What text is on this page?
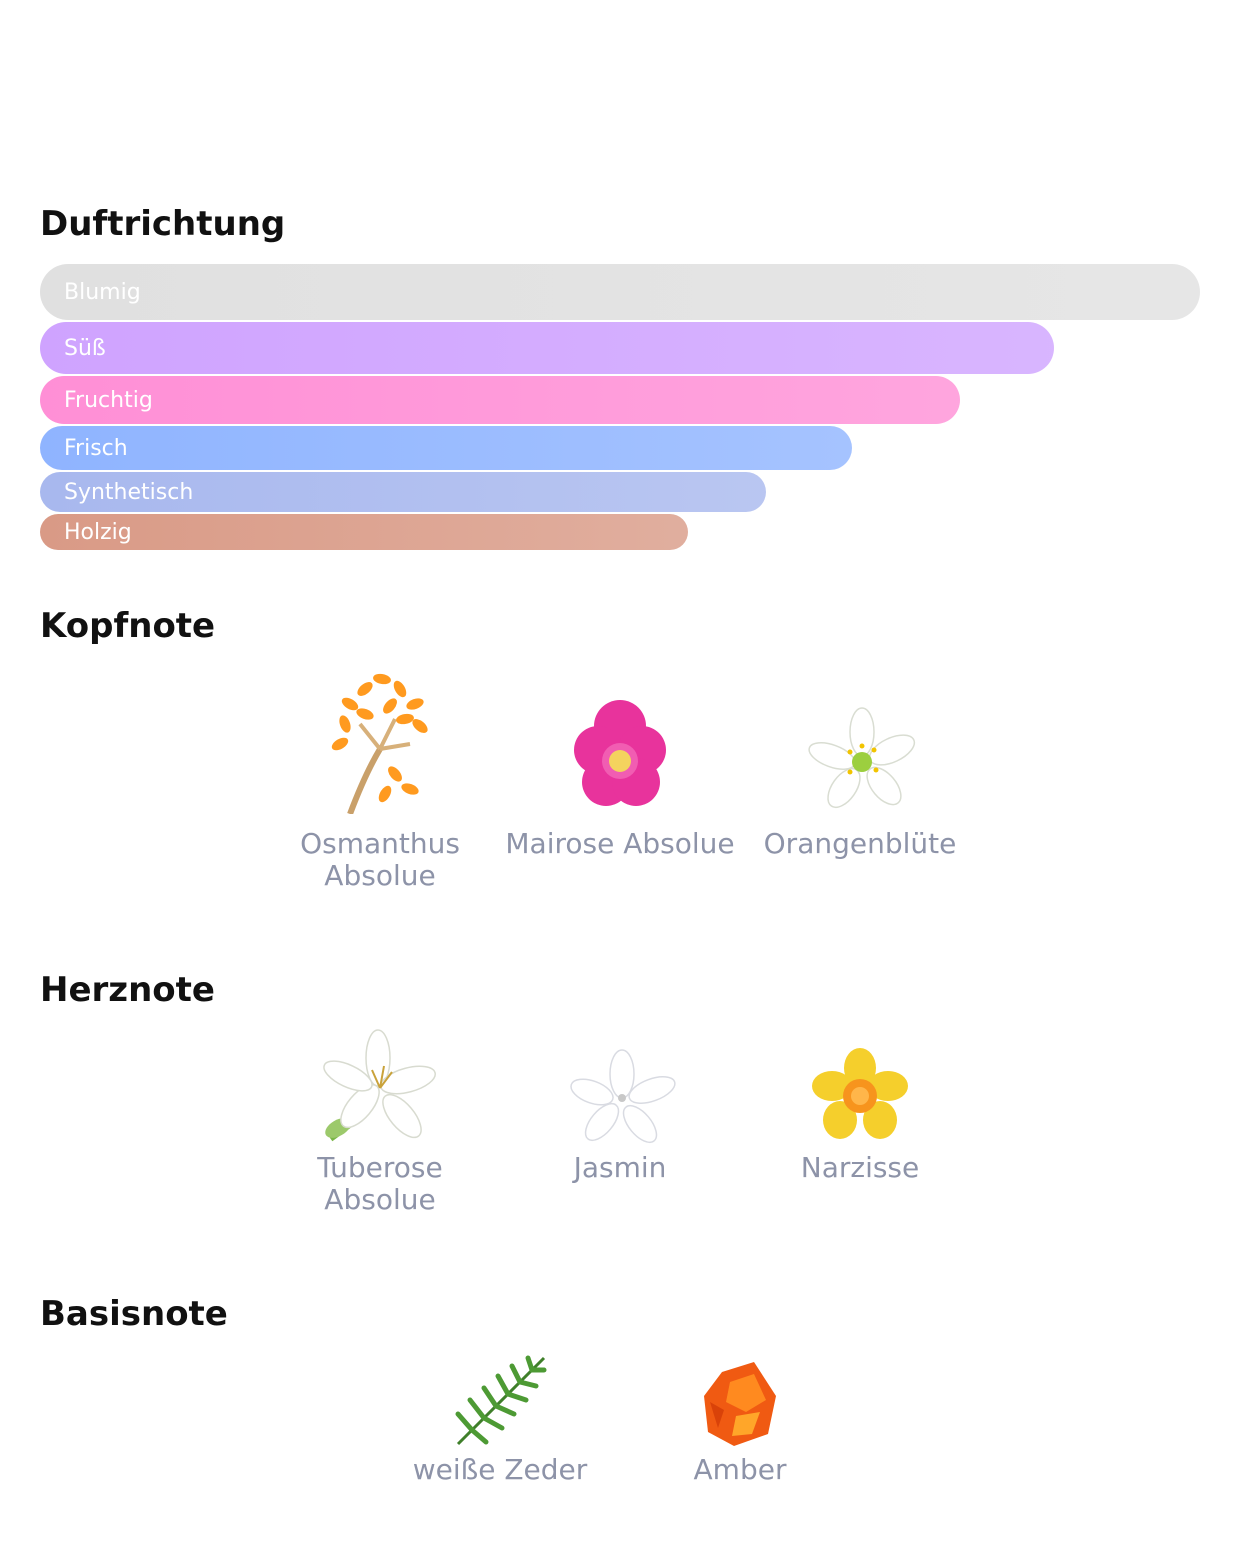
Duftrichtung
Blumig
Süß
Fruchtig
Frisch
Synthetisch
Holzig
Kopfnote
Osmanthus Absolue
Mairose Absolue	Orangenblüte
Herznote
Tuberose Absolue
Jasmin	Narzisse
Basisnote
weiße Zeder	Amber
